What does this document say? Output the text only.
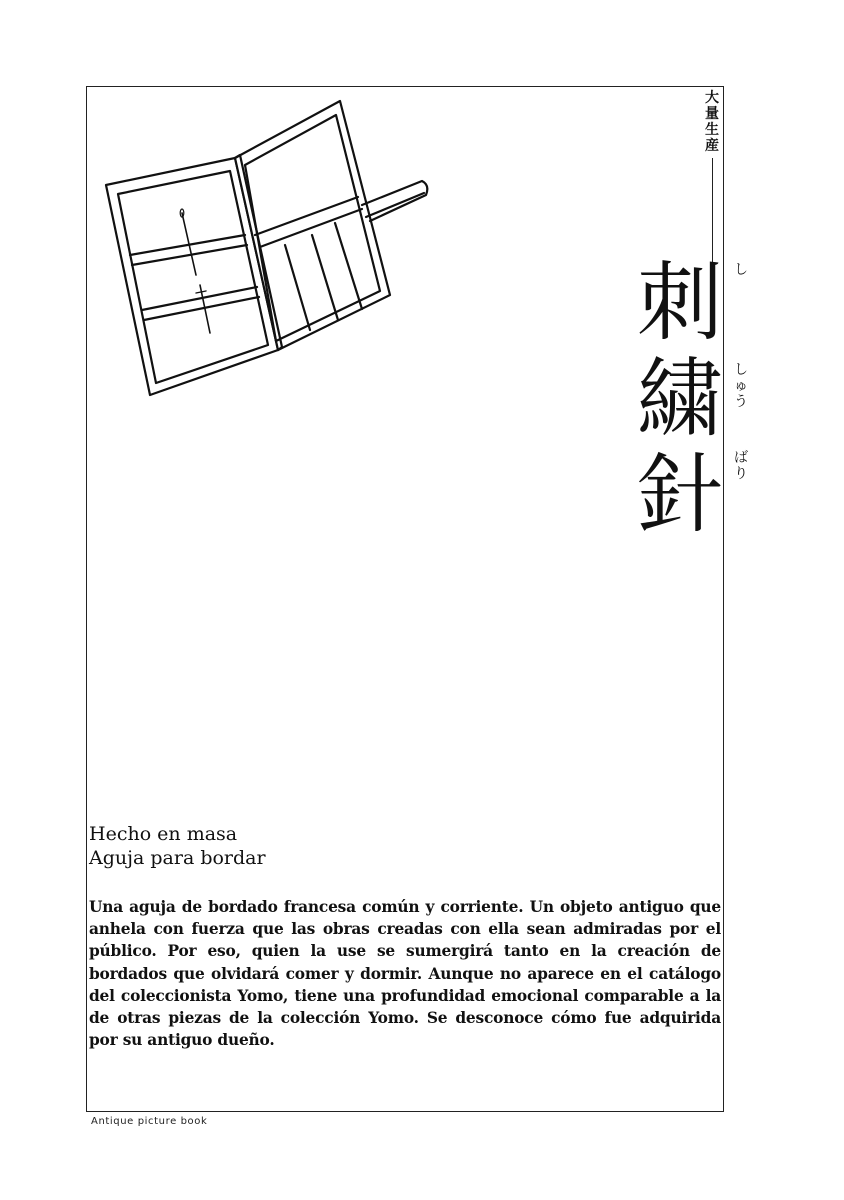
大
量
生
産
刺
繍
針
し
しゅ
う
ば
り
Hecho en masa
Aguja para bordar

Una aguja de bordado francesa común y corriente. Un objeto antiguo que anhela con fuerza que las obras creadas con ella sean admiradas por el público. Por eso, quien la use se sumergirá tanto en la creación de bordados que olvidará comer y dormir. Aunque no aparece en el catálogo del coleccionista Yomo, tiene una profundidad emocional comparable a la de otras piezas de la colección Yomo. Se desconoce cómo fue adquirida por su antiguo dueño.

Antique picture book
